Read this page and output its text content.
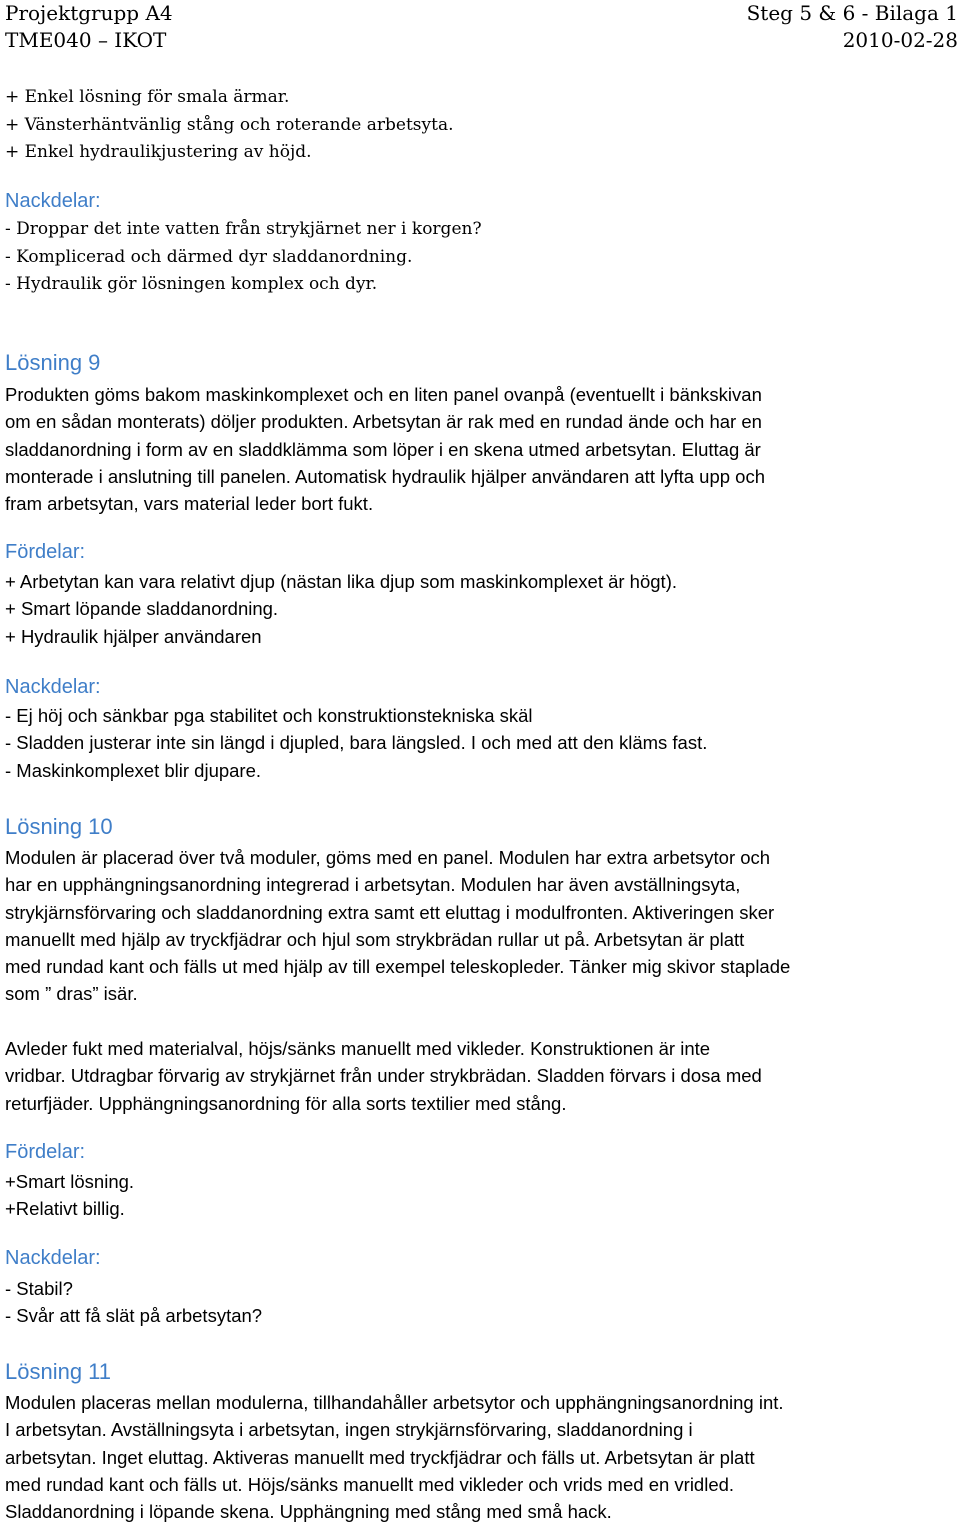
Projektgrupp A4	Steg 5 & 6 - Bilaga 1
TME040 – IKOT	2010-02-28
+ Enkel lösning för smala ärmar.
+ Vänsterhäntvänlig stång och roterande arbetsyta.
+ Enkel hydraulikjustering av höjd.
Nackdelar:
- Droppar det inte vatten från strykjärnet ner i korgen?
- Komplicerad och därmed dyr sladdanordning.
- Hydraulik gör lösningen komplex och dyr.
Lösning 9
Produkten göms bakom maskinkomplexet och en liten panel ovanpå (eventuellt i bänkskivan
om en sådan monterats) döljer produkten. Arbetsytan är rak med en rundad ände och har en
sladdanordning i form av en sladdklämma som löper i en skena utmed arbetsytan. Eluttag är
monterade i anslutning till panelen. Automatisk hydraulik hjälper användaren att lyfta upp och
fram arbetsytan, vars material leder bort fukt.
Fördelar:
+ Arbetytan kan vara relativt djup (nästan lika djup som maskinkomplexet är högt).
+ Smart löpande sladdanordning.
+ Hydraulik hjälper användaren
Nackdelar:
- Ej höj och sänkbar pga stabilitet och konstruktionstekniska skäl
- Sladden justerar inte sin längd i djupled, bara längsled. I och med att den kläms fast.
- Maskinkomplexet blir djupare.
Lösning 10
Modulen är placerad över två moduler, göms med en panel. Modulen har extra arbetsytor och
har en upphängningsanordning integrerad i arbetsytan. Modulen har även avställningsyta,
strykjärnsförvaring och sladdanordning extra samt ett eluttag i modulfronten. Aktiveringen sker
manuellt med hjälp av tryckfjädrar och hjul som strykbrädan rullar ut på. Arbetsytan är platt
med rundad kant och fälls ut med hjälp av till exempel teleskopleder. Tänker mig skivor staplade
som ” dras” isär.
Avleder fukt med materialval, höjs/sänks manuellt med vikleder. Konstruktionen är inte
vridbar. Utdragbar förvarig av strykjärnet från under strykbrädan. Sladden förvars i dosa med
returfjäder. Upphängningsanordning för alla sorts textilier med stång.
Fördelar:
+Smart lösning.
+Relativt billig.
Nackdelar:
- Stabil?
- Svår att få slät på arbetsytan?
Lösning 11
Modulen placeras mellan modulerna, tillhandahåller arbetsytor och upphängningsanordning int.
I arbetsytan. Avställningsyta i arbetsytan, ingen strykjärnsförvaring, sladdanordning i
arbetsytan. Inget eluttag. Aktiveras manuellt med tryckfjädrar och fälls ut. Arbetsytan är platt
med rundad kant och fälls ut. Höjs/sänks manuellt med vikleder och vrids med en vridled.
Sladdanordning i löpande skena. Upphängning med stång med små hack.
